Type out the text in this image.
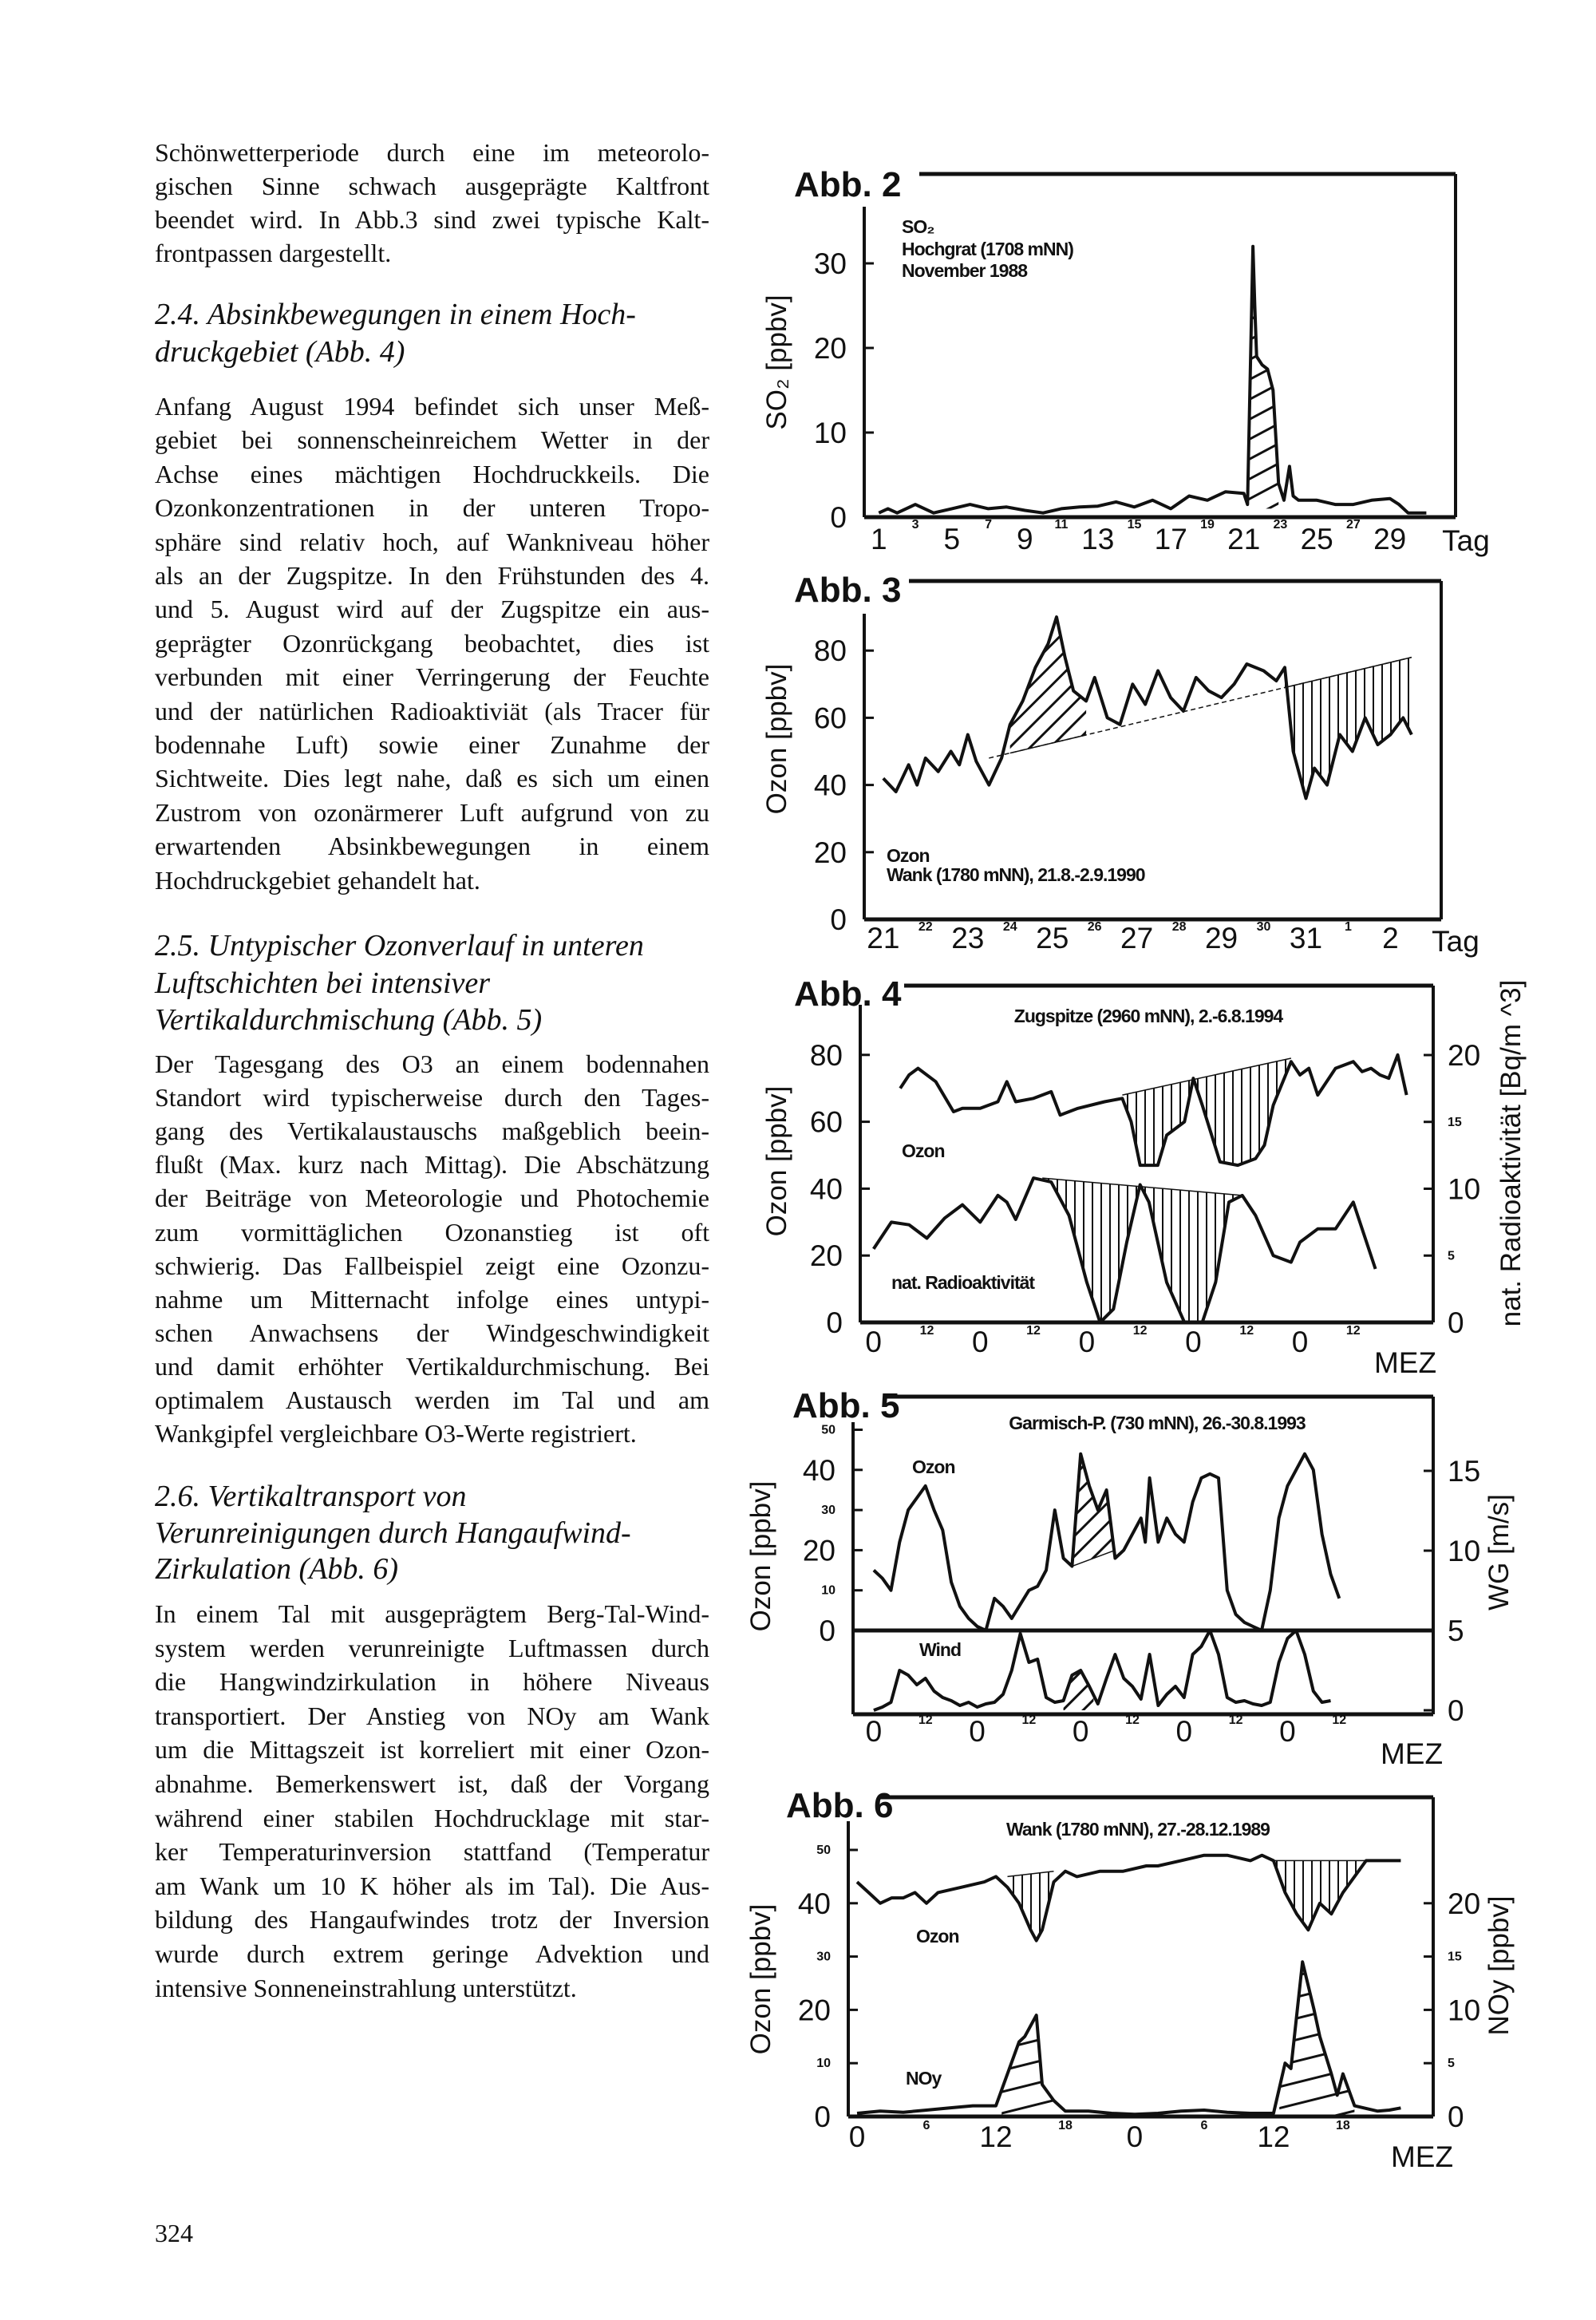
Schönwetterperiode durch eine im meteorolo-
gischen Sinne schwach ausgeprägte Kaltfront
beendet wird. In Abb.3 sind zwei typische Kalt-
frontpassen dargestellt.
2.4. Absinkbewegungen in einem Hoch-
druckgebiet (Abb. 4)
Anfang August 1994 befindet sich unser Meß-
gebiet bei sonnenscheinreichem Wetter in der
Achse eines mächtigen Hochdruckkeils. Die
Ozonkonzentrationen in der unteren Tropo-
sphäre sind relativ hoch, auf Wankniveau höher
als an der Zugspitze. In den Frühstunden des 4.
und 5. August wird auf der Zugspitze ein aus-
geprägter Ozonrückgang beobachtet, dies ist
verbunden mit einer Verringerung der Feuchte
und der natürlichen Radioaktiviät (als Tracer für
bodennahe Luft) sowie einer Zunahme der
Sichtweite. Dies legt nahe, daß es sich um einen
Zustrom von ozonärmerer Luft aufgrund von zu
erwartenden Absinkbewegungen in einem
Hochdruckgebiet gehandelt hat.
2.5. Untypischer Ozonverlauf in unteren
Luftschichten bei intensiver
Vertikaldurchmischung (Abb. 5)
Der Tagesgang des O3 an einem bodennahen
Standort wird typischerweise durch den Tages-
gang des Vertikalaustauschs maßgeblich beein-
flußt (Max. kurz nach Mittag). Die Abschätzung
der Beiträge von Meteorologie und Photochemie
zum vormittäglichen Ozonanstieg ist oft
schwierig. Das Fallbeispiel zeigt eine Ozonzu-
nahme um Mitternacht infolge eines untypi-
schen Anwachsens der Windgeschwindigkeit
und damit erhöhter Vertikaldurchmischung. Bei
optimalem Austausch werden im Tal und am
Wankgipfel vergleichbare O3-Werte registriert.
2.6. Vertikaltransport von
Verunreinigungen durch Hangaufwind-
Zirkulation (Abb. 6)
In einem Tal mit ausgeprägtem Berg-Tal-Wind-
system werden verunreinigte Luftmassen durch
die Hangwindzirkulation in höhere Niveaus
transportiert. Der Anstieg von NOy am Wank
um die Mittagszeit ist korreliert mit einer Ozon-
abnahme. Bemerkenswert ist, daß der Vorgang
während einer stabilen Hochdrucklage mit star-
ker Temperaturinversion stattfand (Temperatur
am Wank um 10 K höher als im Tal). Die Aus-
bildung des Hangaufwindes trotz der Inversion
wurde durch extrem geringe Advektion und
intensive Sonneneinstrahlung unterstützt.
324
Abb. 2
0
10
20
30
1 3 5 7 9 11 13 15 17 19 21 23 25 27 29
SO₂ [ppbv]
Tag
SO₂
Hochgrat (1708 mNN)
November 1988
Abb. 3
0
20
40
60
80
21 22 23 24 25 26 27 28 29 30 31 1 2
Ozon [ppbv]
Tag
Ozon
Wank (1780 mNN), 21.8.-2.9.1990
Abb. 4
0
20
40
60
80
0
5
10
15
20
0	12 0	12 0	12 0	12 0	12
Ozon [ppbv]	nat. Radioaktivität [Bq/m ^3]
MEZ
Zugspitze (2960 mNN), 2.-6.8.1994
Ozon
nat. Radioaktivität
Abb. 5
0
10
20
30
40
50
0
5
10
15
0	12 0	12 0	12 0	12 0	12
Ozon [ppbv]	WG [m/s]
MEZ
Garmisch-P. (730 mNN), 26.-30.8.1993
Ozon
Wind
Abb. 6
0
10
20
30
40
50
0
5
10
15
20
0	6 12	18 0	6 12	18
Ozon [ppbv]	NOy [ppbv]
MEZ
Wank (1780 mNN), 27.-28.12.1989
Ozon
NOy
